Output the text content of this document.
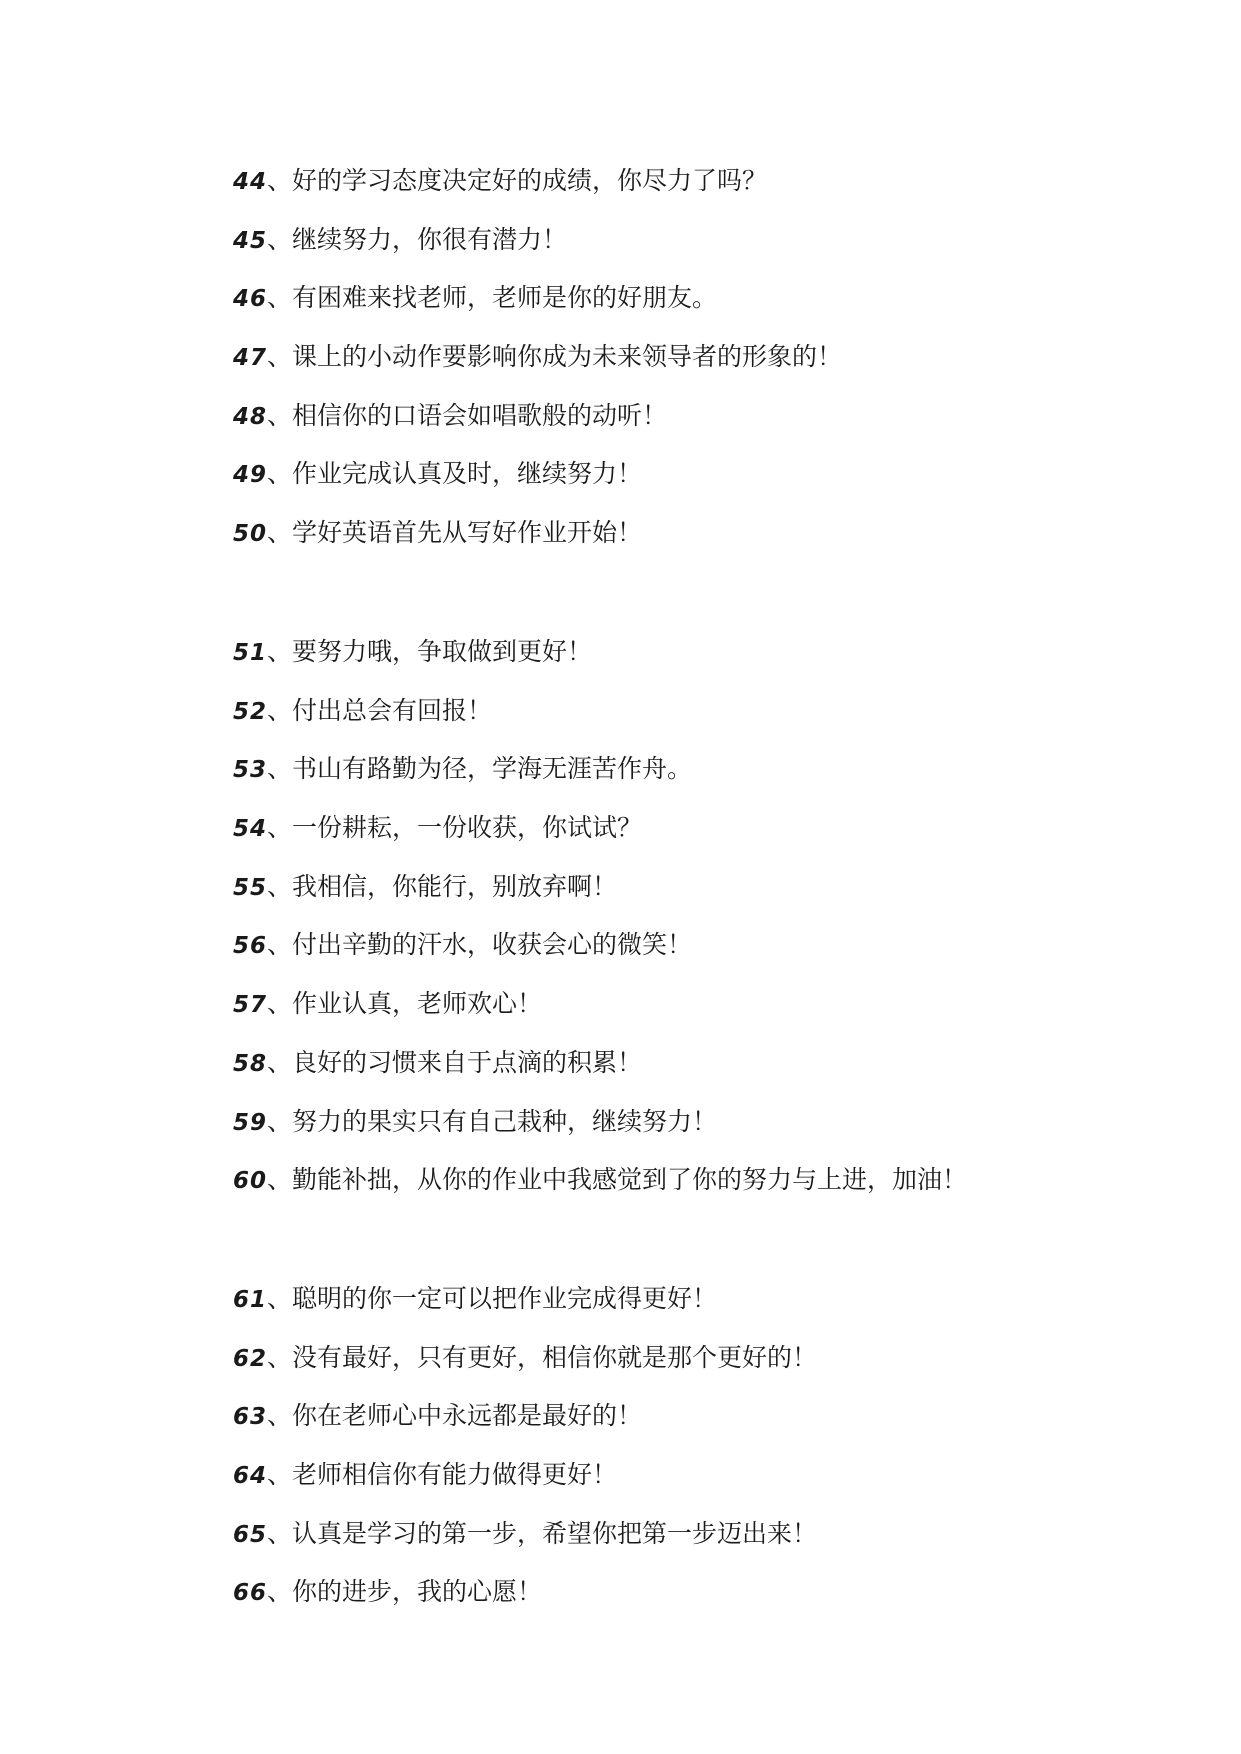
44、好的学习态度决定好的成绩，你尽力了吗？
45、继续努力，你很有潜力！
46、有困难来找老师，老师是你的好朋友。
47、课上的小动作要影响你成为未来领导者的形象的！
48、相信你的口语会如唱歌般的动听！
49、作业完成认真及时，继续努力！
50、学好英语首先从写好作业开始！
51、要努力哦，争取做到更好！
52、付出总会有回报！
53、书山有路勤为径，学海无涯苦作舟。
54、一份耕耘，一份收获，你试试？
55、我相信，你能行，别放弃啊！
56、付出辛勤的汗水，收获会心的微笑！
57、作业认真，老师欢心！
58、良好的习惯来自于点滴的积累！
59、努力的果实只有自己栽种，继续努力！
60、勤能补拙，从你的作业中我感觉到了你的努力与上进，加油！
61、聪明的你一定可以把作业完成得更好！
62、没有最好，只有更好，相信你就是那个更好的！
63、你在老师心中永远都是最好的！
64、老师相信你有能力做得更好！
65、认真是学习的第一步，希望你把第一步迈出来！
66、你的进步，我的心愿！
